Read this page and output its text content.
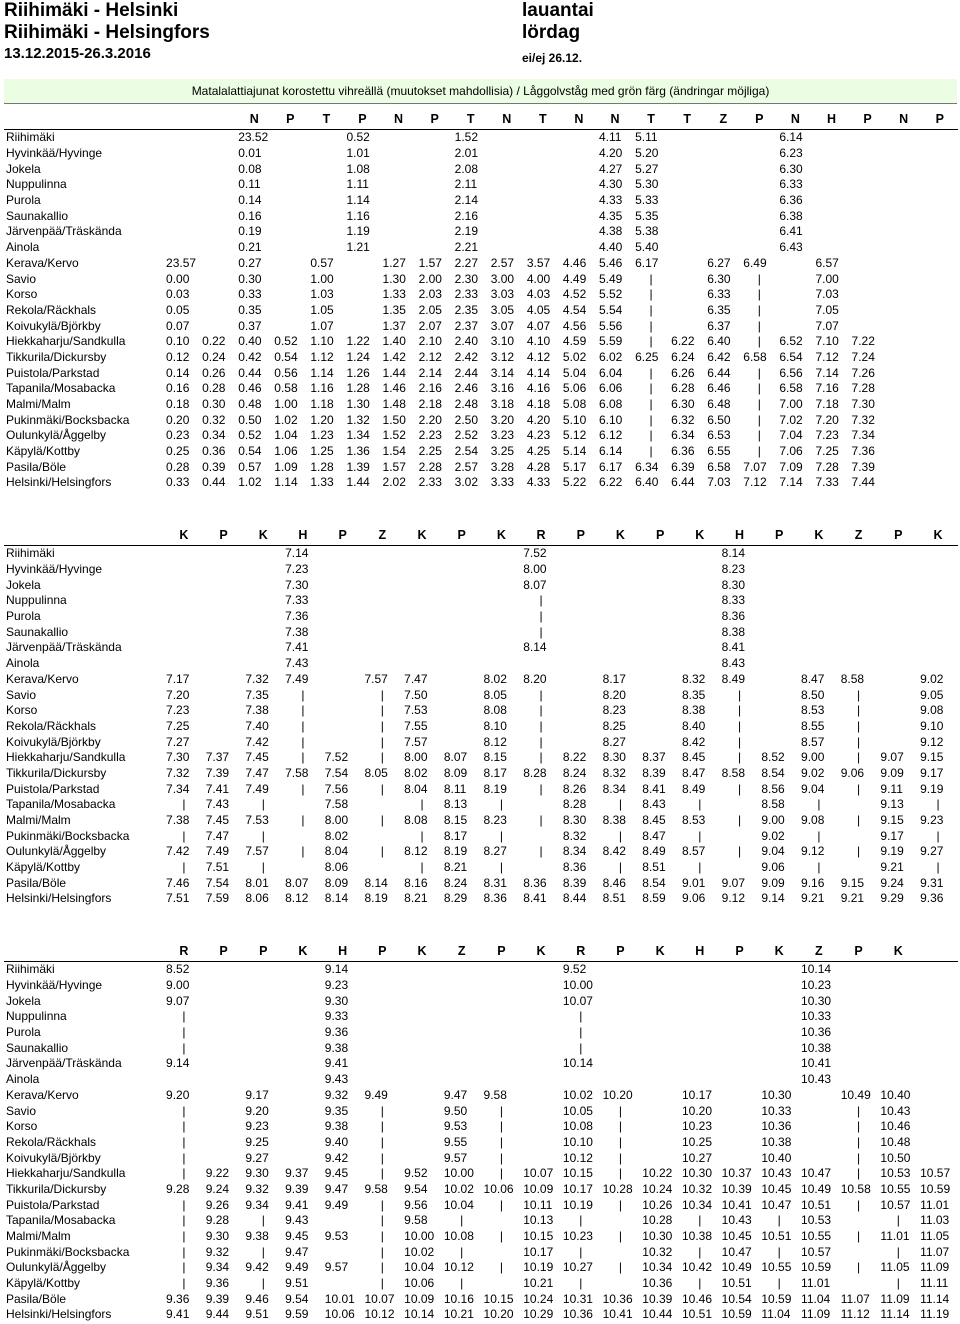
Riihimäki - Helsinki
Riihimäki - Helsingfors
13.12.2015-26.3.2016
lauantai
lördag
ei/ej 26.12.
Matalalattiajunat korostettu vihreällä (muutokset mahdollisia) / Låggolvståg med grön färg (ändringar möjliga)
			N	P	T	P	N	P	T	N	T	N	N	T	T	Z	P	N	H	P	N	P
Riihimäki			23.52			0.52			1.52				4.11	5.11				6.14				
Hyvinkää/Hyvinge			0.01			1.01			2.01				4.20	5.20				6.23				
Jokela			0.08			1.08			2.08				4.27	5.27				6.30				
Nuppulinna			0.11			1.11			2.11				4.30	5.30				6.33				
Purola			0.14			1.14			2.14				4.33	5.33				6.36				
Saunakallio			0.16			1.16			2.16				4.35	5.35				6.38				
Järvenpää/Träskända			0.19			1.19			2.19				4.38	5.38				6.41				
Ainola			0.21			1.21			2.21				4.40	5.40				6.43				
Kerava/Kervo	23.57		0.27		0.57		1.27	1.57	2.27	2.57	3.57	4.46	5.46	6.17		6.27	6.49		6.57			
Savio	0.00		0.30		1.00		1.30	2.00	2.30	3.00	4.00	4.49	5.49	|		6.30	|		7.00			
Korso	0.03		0.33		1.03		1.33	2.03	2.33	3.03	4.03	4.52	5.52	|		6.33	|		7.03			
Rekola/Räckhals	0.05		0.35		1.05		1.35	2.05	2.35	3.05	4.05	4.54	5.54	|		6.35	|		7.05			
Koivukylä/Björkby	0.07		0.37		1.07		1.37	2.07	2.37	3.07	4.07	4.56	5.56	|		6.37	|		7.07			
Hiekkaharju/Sandkulla	0.10	0.22	0.40	0.52	1.10	1.22	1.40	2.10	2.40	3.10	4.10	4.59	5.59	|	6.22	6.40	|	6.52	7.10	7.22		
Tikkurila/Dickursby	0.12	0.24	0.42	0.54	1.12	1.24	1.42	2.12	2.42	3.12	4.12	5.02	6.02	6.25	6.24	6.42	6.58	6.54	7.12	7.24		
Puistola/Parkstad	0.14	0.26	0.44	0.56	1.14	1.26	1.44	2.14	2.44	3.14	4.14	5.04	6.04	|	6.26	6.44	|	6.56	7.14	7.26		
Tapanila/Mosabacka	0.16	0.28	0.46	0.58	1.16	1.28	1.46	2.16	2.46	3.16	4.16	5.06	6.06	|	6.28	6.46	|	6.58	7.16	7.28		
Malmi/Malm	0.18	0.30	0.48	1.00	1.18	1.30	1.48	2.18	2.48	3.18	4.18	5.08	6.08	|	6.30	6.48	|	7.00	7.18	7.30		
Pukinmäki/Bocksbacka	0.20	0.32	0.50	1.02	1.20	1.32	1.50	2.20	2.50	3.20	4.20	5.10	6.10	|	6.32	6.50	|	7.02	7.20	7.32		
Oulunkylä/Åggelby	0.23	0.34	0.52	1.04	1.23	1.34	1.52	2.23	2.52	3.23	4.23	5.12	6.12	|	6.34	6.53	|	7.04	7.23	7.34		
Käpylä/Kottby	0.25	0.36	0.54	1.06	1.25	1.36	1.54	2.25	2.54	3.25	4.25	5.14	6.14	|	6.36	6.55	|	7.06	7.25	7.36		
Pasila/Böle	0.28	0.39	0.57	1.09	1.28	1.39	1.57	2.28	2.57	3.28	4.28	5.17	6.17	6.34	6.39	6.58	7.07	7.09	7.28	7.39		
Helsinki/Helsingfors	0.33	0.44	1.02	1.14	1.33	1.44	2.02	2.33	3.02	3.33	4.33	5.22	6.22	6.40	6.44	7.03	7.12	7.14	7.33	7.44		
	K	P	K	H	P	Z	K	P	K	R	P	K	P	K	H	P	K	Z	P	K
Riihimäki				7.14						7.52					8.14					
Hyvinkää/Hyvinge				7.23						8.00					8.23					
Jokela				7.30						8.07					8.30					
Nuppulinna				7.33						|					8.33					
Purola				7.36						|					8.36					
Saunakallio				7.38						|					8.38					
Järvenpää/Träskända				7.41						8.14					8.41					
Ainola				7.43											8.43					
Kerava/Kervo	7.17		7.32	7.49		7.57	7.47		8.02	8.20		8.17		8.32	8.49		8.47	8.58		9.02
Savio	7.20		7.35	|		|	7.50		8.05	|		8.20		8.35	|		8.50	|		9.05
Korso	7.23		7.38	|		|	7.53		8.08	|		8.23		8.38	|		8.53	|		9.08
Rekola/Räckhals	7.25		7.40	|		|	7.55		8.10	|		8.25		8.40	|		8.55	|		9.10
Koivukylä/Björkby	7.27		7.42	|		|	7.57		8.12	|		8.27		8.42	|		8.57	|		9.12
Hiekkaharju/Sandkulla	7.30	7.37	7.45	|	7.52	|	8.00	8.07	8.15	|	8.22	8.30	8.37	8.45	|	8.52	9.00	|	9.07	9.15
Tikkurila/Dickursby	7.32	7.39	7.47	7.58	7.54	8.05	8.02	8.09	8.17	8.28	8.24	8.32	8.39	8.47	8.58	8.54	9.02	9.06	9.09	9.17
Puistola/Parkstad	7.34	7.41	7.49	|	7.56	|	8.04	8.11	8.19	|	8.26	8.34	8.41	8.49	|	8.56	9.04	|	9.11	9.19
Tapanila/Mosabacka	|	7.43	|		7.58		|	8.13	|		8.28	|	8.43	|		8.58	|		9.13	|
Malmi/Malm	7.38	7.45	7.53	|	8.00	|	8.08	8.15	8.23	|	8.30	8.38	8.45	8.53	|	9.00	9.08	|	9.15	9.23
Pukinmäki/Bocksbacka	|	7.47	|		8.02		|	8.17	|		8.32	|	8.47	|		9.02	|		9.17	|
Oulunkylä/Åggelby	7.42	7.49	7.57	|	8.04	|	8.12	8.19	8.27	|	8.34	8.42	8.49	8.57	|	9.04	9.12	|	9.19	9.27
Käpylä/Kottby	|	7.51	|		8.06		|	8.21	|		8.36	|	8.51	|		9.06	|		9.21	|
Pasila/Böle	7.46	7.54	8.01	8.07	8.09	8.14	8.16	8.24	8.31	8.36	8.39	8.46	8.54	9.01	9.07	9.09	9.16	9.15	9.24	9.31
Helsinki/Helsingfors	7.51	7.59	8.06	8.12	8.14	8.19	8.21	8.29	8.36	8.41	8.44	8.51	8.59	9.06	9.12	9.14	9.21	9.21	9.29	9.36
	R	P	P	K	H	P	K	Z	P	K	R	P	K	H	P	K	Z	P	K	
Riihimäki	8.52				9.14						9.52						10.14			
Hyvinkää/Hyvinge	9.00				9.23						10.00						10.23			
Jokela	9.07				9.30						10.07						10.30			
Nuppulinna	|				9.33						|						10.33			
Purola	|				9.36						|						10.36			
Saunakallio	|				9.38						|						10.38			
Järvenpää/Träskända	9.14				9.41						10.14						10.41			
Ainola					9.43												10.43			
Kerava/Kervo	9.20		9.17		9.32	9.49		9.47	9.58		10.02	10.20		10.17		10.30		10.49	10.40	
Savio	|		9.20		9.35	|		9.50	|		10.05	|		10.20		10.33		|	10.43	
Korso	|		9.23		9.38	|		9.53	|		10.08	|		10.23		10.36		|	10.46	
Rekola/Räckhals	|		9.25		9.40	|		9.55	|		10.10	|		10.25		10.38		|	10.48	
Koivukylä/Björkby	|		9.27		9.42	|		9.57	|		10.12	|		10.27		10.40		|	10.50	
Hiekkaharju/Sandkulla	|	9.22	9.30	9.37	9.45	|	9.52	10.00	|	10.07	10.15	|	10.22	10.30	10.37	10.43	10.47	|	10.53	10.57
Tikkurila/Dickursby	9.28	9.24	9.32	9.39	9.47	9.58	9.54	10.02	10.06	10.09	10.17	10.28	10.24	10.32	10.39	10.45	10.49	10.58	10.55	10.59
Puistola/Parkstad	|	9.26	9.34	9.41	9.49	|	9.56	10.04	|	10.11	10.19	|	10.26	10.34	10.41	10.47	10.51	|	10.57	11.01
Tapanila/Mosabacka	|	9.28	|	9.43		|	9.58	|		10.13	|		10.28	|	10.43	|	10.53		|	11.03
Malmi/Malm	|	9.30	9.38	9.45	9.53	|	10.00	10.08	|	10.15	10.23	|	10.30	10.38	10.45	10.51	10.55	|	11.01	11.05
Pukinmäki/Bocksbacka	|	9.32	|	9.47		|	10.02	|		10.17	|		10.32	|	10.47	|	10.57		|	11.07
Oulunkylä/Åggelby	|	9.34	9.42	9.49	9.57	|	10.04	10.12	|	10.19	10.27	|	10.34	10.42	10.49	10.55	10.59	|	11.05	11.09
Käpylä/Kottby	|	9.36	|	9.51		|	10.06	|		10.21	|		10.36	|	10.51	|	11.01		|	11.11
Pasila/Böle	9.36	9.39	9.46	9.54	10.01	10.07	10.09	10.16	10.15	10.24	10.31	10.36	10.39	10.46	10.54	10.59	11.04	11.07	11.09	11.14
Helsinki/Helsingfors	9.41	9.44	9.51	9.59	10.06	10.12	10.14	10.21	10.20	10.29	10.36	10.41	10.44	10.51	10.59	11.04	11.09	11.12	11.14	11.19
